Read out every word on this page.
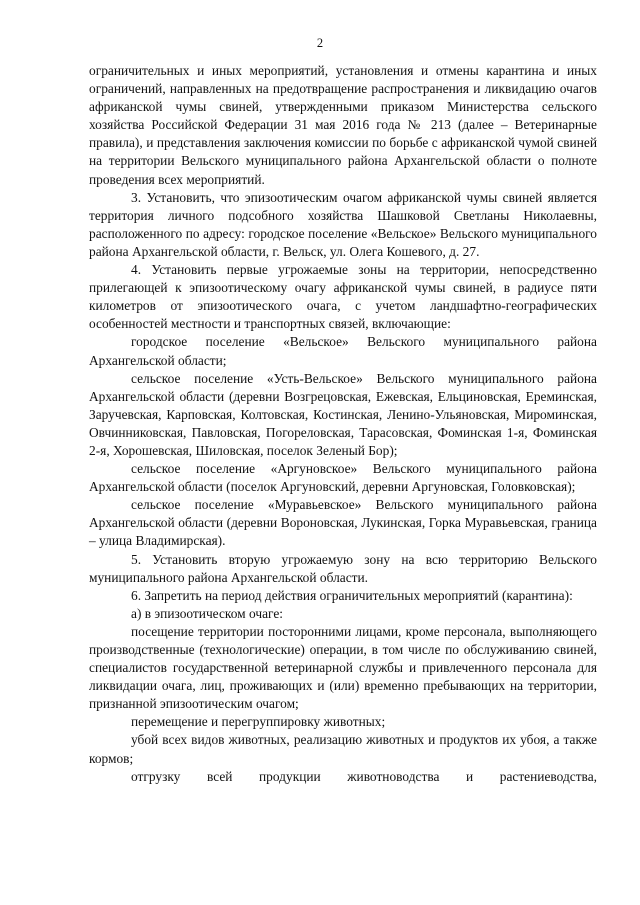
2

ограничительных и иных мероприятий, установления и отмены карантина и иных ограничений, направленных на предотвращение распространения и ликвидацию очагов африканской чумы свиней, утвержденными приказом Министерства сельского хозяйства Российской Федерации 31 мая 2016 года № 213 (далее – Ветеринарные правила), и представления заключения комиссии по борьбе с африканской чумой свиней на территории Вельского муниципального района Архангельской области о полноте проведения всех мероприятий.

3. Установить, что эпизоотическим очагом африканской чумы свиней является территория личного подсобного хозяйства Шашковой Светланы Николаевны, расположенного по адресу: городское поселение «Вельское» Вельского муниципального района Архангельской области, г. Вельск, ул. Олега Кошевого, д. 27.

4. Установить первые угрожаемые зоны на территории, непосредственно прилегающей к эпизоотическому очагу африканской чумы свиней, в радиусе пяти километров от эпизоотического очага, с учетом ландшафтно-географических особенностей местности и транспортных связей, включающие:

городское поселение «Вельское» Вельского муниципального района Архангельской области;

сельское поселение «Усть-Вельское» Вельского муниципального района Архангельской области (деревни Возгрецовская, Ежевская, Ельциновская, Ереминская, Заручевская, Карповская, Колтовская, Костинская, Ленино-Ульяновская, Мироминская, Овчинниковская, Павловская, Погореловская, Тарасовская, Фоминская 1-я, Фоминская 2-я, Хорошевская, Шиловская, поселок Зеленый Бор);

сельское поселение «Аргуновское» Вельского муниципального района Архангельской области (поселок Аргуновский, деревни Аргуновская, Головковская);

сельское поселение «Муравьевское» Вельского муниципального района Архангельской области (деревни Вороновская, Лукинская, Горка Муравьевская, граница – улица Владимирская).

5. Установить вторую угрожаемую зону на всю территорию Вельского муниципального района Архангельской области.

6. Запретить на период действия ограничительных мероприятий (карантина):

а) в эпизоотическом очаге:

посещение территории посторонними лицами, кроме персонала, выполняющего производственные (технологические) операции, в том числе по обслуживанию свиней, специалистов государственной ветеринарной службы и привлеченного персонала для ликвидации очага, лиц, проживающих и (или) временно пребывающих на территории, признанной эпизоотическим очагом;

перемещение и перегруппировку животных;

убой всех видов животных, реализацию животных и продуктов их убоя, а также кормов;

отгрузку всей продукции животноводства и растениеводства,
